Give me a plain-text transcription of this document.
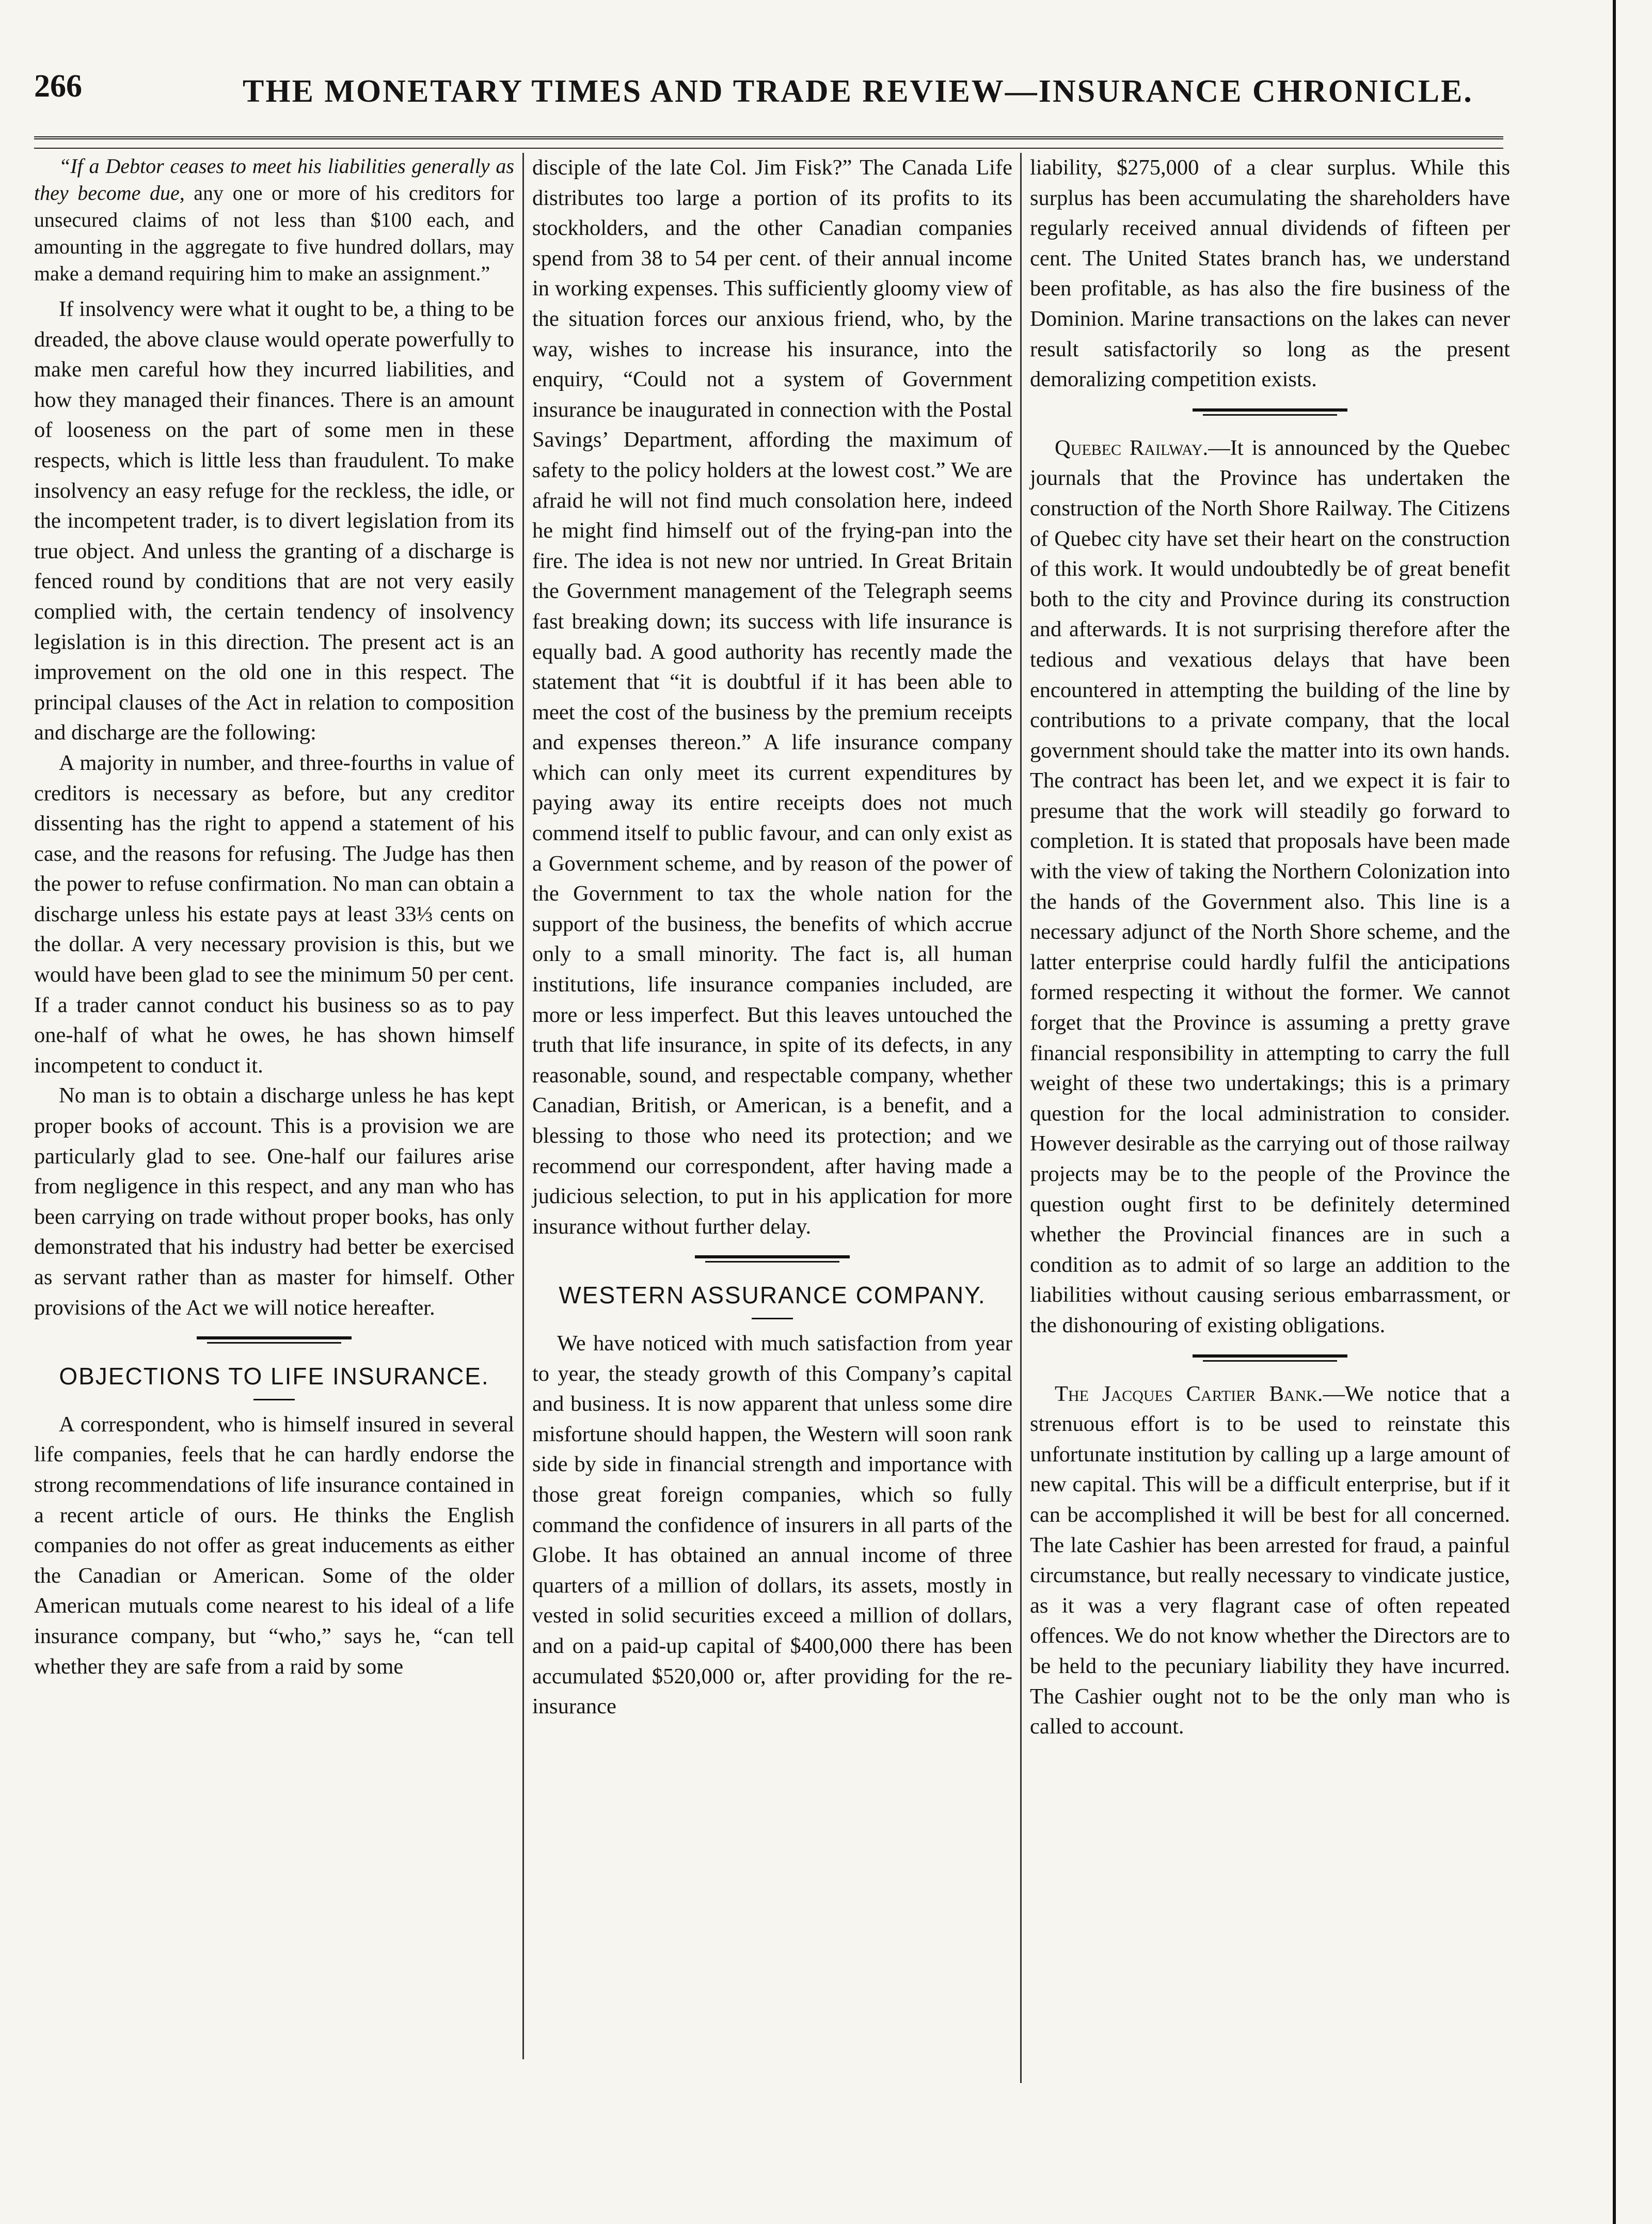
266	THE MONETARY TIMES AND TRADE REVIEW—INSURANCE CHRONICLE.

“If a Debtor ceases to meet his liabilities generally as they become due, any one or more of his creditors for unsecured claims of not less than $100 each, and amounting in the aggregate to five hundred dollars, may make a demand requiring him to make an assignment.”

If insolvency were what it ought to be, a thing to be dreaded, the above clause would operate powerfully to make men careful how they incurred liabilities, and how they managed their finances. There is an amount of looseness on the part of some men in these respects, which is little less than fraudulent. To make insolvency an easy refuge for the reckless, the idle, or the incompetent trader, is to divert legislation from its true object. And unless the granting of a discharge is fenced round by conditions that are not very easily complied with, the certain tendency of insolvency legislation is in this direction. The present act is an improvement on the old one in this respect. The principal clauses of the Act in relation to composition and discharge are the following:

A majority in number, and three-fourths in value of creditors is necessary as before, but any creditor dissenting has the right to append a statement of his case, and the reasons for refusing. The Judge has then the power to refuse confirmation. No man can obtain a discharge unless his estate pays at least 33⅓ cents on the dollar. A very necessary provision is this, but we would have been glad to see the minimum 50 per cent. If a trader cannot conduct his business so as to pay one-half of what he owes, he has shown himself incompetent to conduct it.

No man is to obtain a discharge unless he has kept proper books of account. This is a provision we are particularly glad to see. One-half our failures arise from negligence in this respect, and any man who has been carrying on trade without proper books, has only demonstrated that his industry had better be exercised as servant rather than as master for himself. Other provisions of the Act we will notice hereafter.

OBJECTIONS TO LIFE INSURANCE.

A correspondent, who is himself insured in several life companies, feels that he can hardly endorse the strong recommendations of life insurance contained in a recent article of ours. He thinks the English companies do not offer as great inducements as either the Canadian or American. Some of the older American mutuals come nearest to his ideal of a life insurance company, but “who,” says he, “can tell whether they are safe from a raid by some

disciple of the late Col. Jim Fisk?” The Canada Life distributes too large a portion of its profits to its stockholders, and the other Canadian companies spend from 38 to 54 per cent. of their annual income in working expenses. This sufficiently gloomy view of the situation forces our anxious friend, who, by the way, wishes to increase his insurance, into the enquiry, “Could not a system of Government insurance be inaugurated in connection with the Postal Savings’ Department, affording the maximum of safety to the policy holders at the lowest cost.” We are afraid he will not find much consolation here, indeed he might find himself out of the frying-pan into the fire. The idea is not new nor untried. In Great Britain the Government management of the Telegraph seems fast breaking down; its success with life insurance is equally bad. A good authority has recently made the statement that “it is doubtful if it has been able to meet the cost of the business by the premium receipts and expenses thereon.” A life insurance company which can only meet its current expenditures by paying away its entire receipts does not much commend itself to public favour, and can only exist as a Government scheme, and by reason of the power of the Government to tax the whole nation for the support of the business, the benefits of which accrue only to a small minority. The fact is, all human institutions, life insurance companies included, are more or less imperfect. But this leaves untouched the truth that life insurance, in spite of its defects, in any reasonable, sound, and respectable company, whether Canadian, British, or American, is a benefit, and a blessing to those who need its protection; and we recommend our correspondent, after having made a judicious selection, to put in his application for more insurance without further delay.

WESTERN ASSURANCE COMPANY.

We have noticed with much satisfaction from year to year, the steady growth of this Company’s capital and business. It is now apparent that unless some dire misfortune should happen, the Western will soon rank side by side in financial strength and importance with those great foreign companies, which so fully command the confidence of insurers in all parts of the Globe. It has obtained an annual income of three quarters of a million of dollars, its assets, mostly in vested in solid securities exceed a million of dollars, and on a paid-up capital of $400,000 there has been accumulated $520,000 or, after providing for the re-insurance

liability, $275,000 of a clear surplus. While this surplus has been accumulating the shareholders have regularly received annual dividends of fifteen per cent. The United States branch has, we understand been profitable, as has also the fire business of the Dominion. Marine transactions on the lakes can never result satisfactorily so long as the present demoralizing competition exists.

Quebec Railway.—It is announced by the Quebec journals that the Province has undertaken the construction of the North Shore Railway. The Citizens of Quebec city have set their heart on the construction of this work. It would undoubtedly be of great benefit both to the city and Province during its construction and afterwards. It is not surprising therefore after the tedious and vexatious delays that have been encountered in attempting the building of the line by contributions to a private company, that the local government should take the matter into its own hands. The contract has been let, and we expect it is fair to presume that the work will steadily go forward to completion. It is stated that proposals have been made with the view of taking the Northern Colonization into the hands of the Government also. This line is a necessary adjunct of the North Shore scheme, and the latter enterprise could hardly fulfil the anticipations formed respecting it without the former. We cannot forget that the Province is assuming a pretty grave financial responsibility in attempting to carry the full weight of these two undertakings; this is a primary question for the local administration to consider. However desirable as the carrying out of those railway projects may be to the people of the Province the question ought first to be definitely determined whether the Provincial finances are in such a condition as to admit of so large an addition to the liabilities without causing serious embarrassment, or the dishonouring of existing obligations.

The Jacques Cartier Bank.—We notice that a strenuous effort is to be used to reinstate this unfortunate institution by calling up a large amount of new capital. This will be a difficult enterprise, but if it can be accomplished it will be best for all concerned. The late Cashier has been arrested for fraud, a painful circumstance, but really necessary to vindicate justice, as it was a very flagrant case of often repeated offences. We do not know whether the Directors are to be held to the pecuniary liability they have incurred. The Cashier ought not to be the only man who is called to account.
